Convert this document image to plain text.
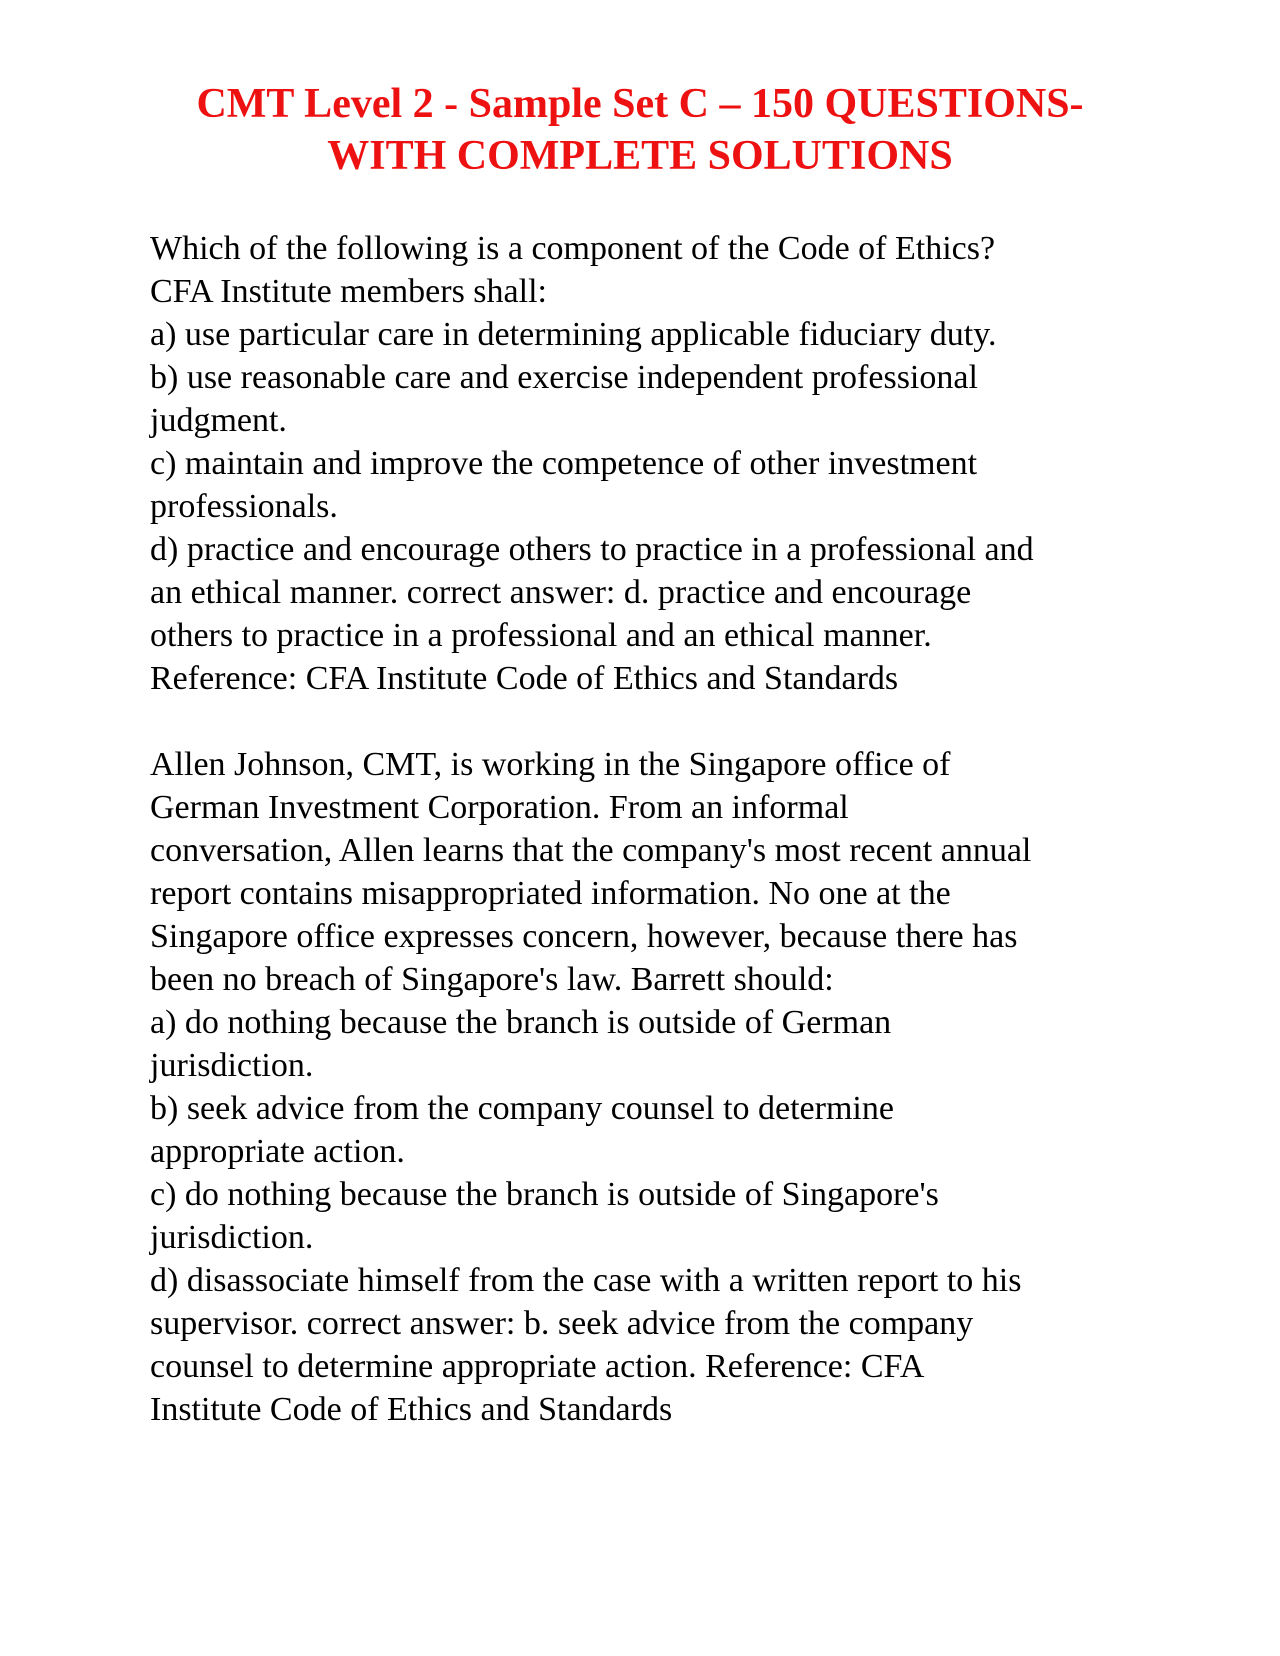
CMT Level 2 - Sample Set C – 150 QUESTIONS-
WITH COMPLETE SOLUTIONS

Which of the following is a component of the Code of Ethics?
CFA Institute members shall:
a) use particular care in determining applicable fiduciary duty.
b) use reasonable care and exercise independent professional
judgment.
c) maintain and improve the competence of other investment
professionals.
d) practice and encourage others to practice in a professional and
an ethical manner. correct answer: d. practice and encourage
others to practice in a professional and an ethical manner.
Reference: CFA Institute Code of Ethics and Standards

Allen Johnson, CMT, is working in the Singapore office of
German Investment Corporation. From an informal
conversation, Allen learns that the company's most recent annual
report contains misappropriated information. No one at the
Singapore office expresses concern, however, because there has
been no breach of Singapore's law. Barrett should:
a) do nothing because the branch is outside of German
jurisdiction.
b) seek advice from the company counsel to determine
appropriate action.
c) do nothing because the branch is outside of Singapore's
jurisdiction.
d) disassociate himself from the case with a written report to his
supervisor. correct answer: b. seek advice from the company
counsel to determine appropriate action. Reference: CFA
Institute Code of Ethics and Standards
